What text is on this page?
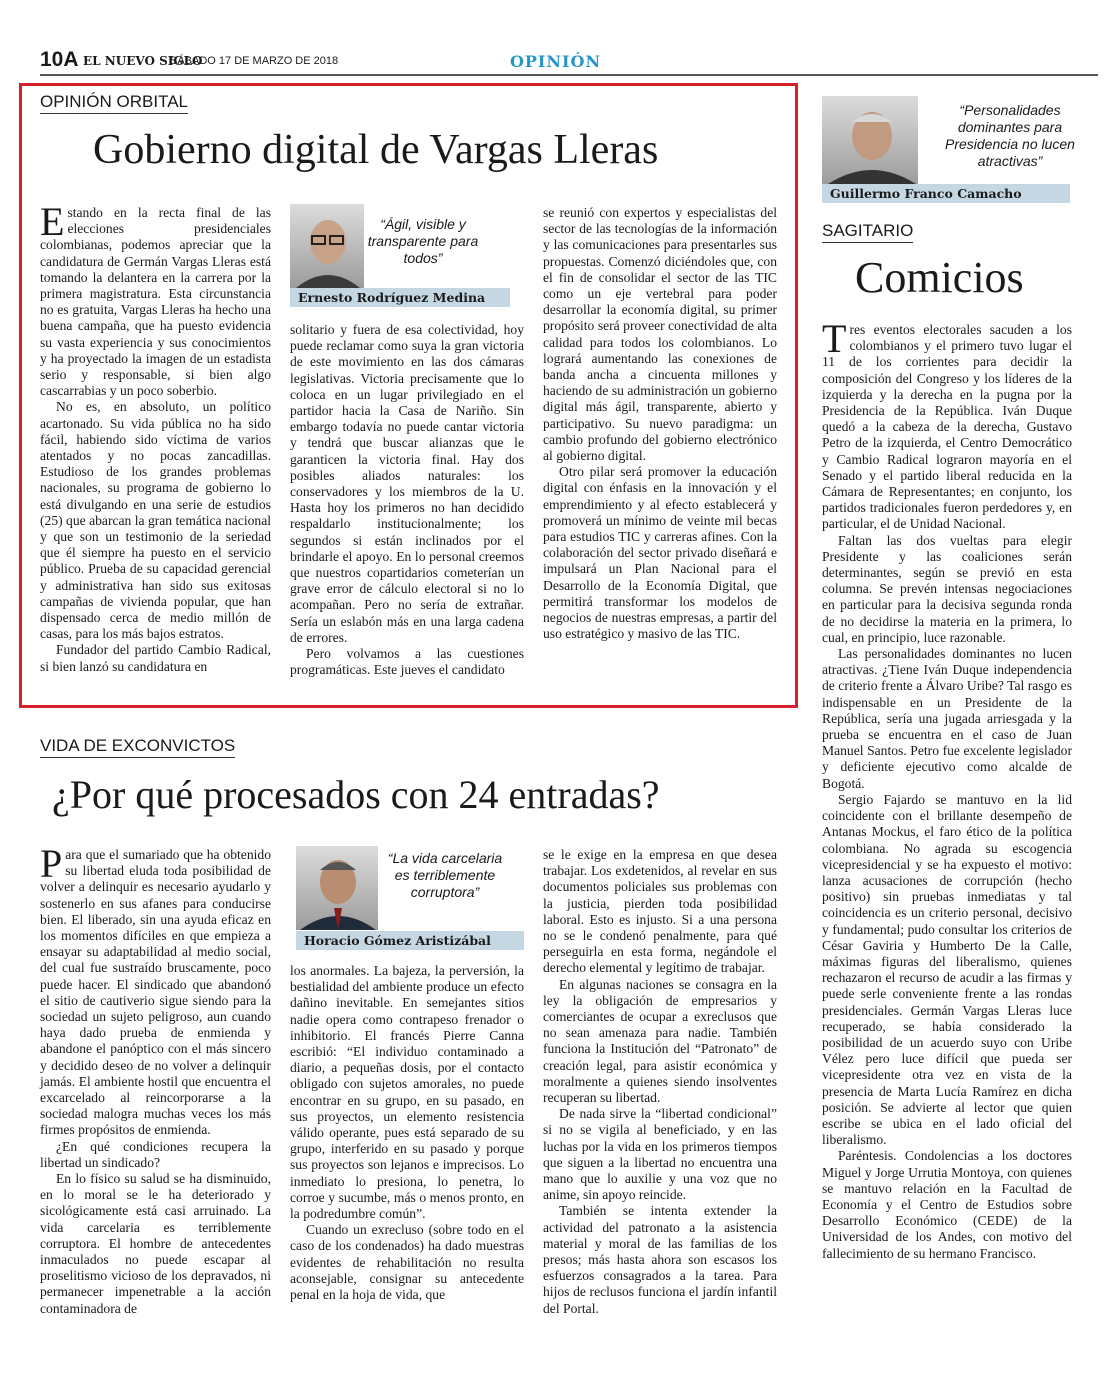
10A EL NUEVO SIGLO
SÁBADO 17 DE MARZO DE 2018	OPINIÓN
OPINIÓN ORBITAL
Gobierno digital de Vargas Lleras

Estando en la recta final de las elecciones presidenciales colombianas, podemos apreciar que la candidatura de Germán Vargas Lleras está tomando la delantera en la carrera por la primera magistratura. Esta circunstancia no es gratuita, Vargas Lleras ha hecho una buena campaña, que ha puesto evidencia su vasta experiencia y sus conocimientos y ha proyectado la imagen de un estadista serio y responsable, si bien algo cascarrabias y un poco soberbio.

No es, en absoluto, un político acartonado. Su vida pública no ha sido fácil, habiendo sido víctima de varios atentados y no pocas zancadillas. Estudioso de los grandes problemas nacionales, su programa de gobierno lo está divulgando en una serie de estudios (25) que abarcan la gran temática nacional y que son un testimonio de la seriedad que él siempre ha puesto en el servicio público. Prueba de su capacidad gerencial y administrativa han sido sus exitosas campañas de vivienda popular, que han dispensado cerca de medio millón de casas, para los más bajos estratos.

Fundador del partido Cambio Radical, si bien lanzó su candidatura en

“Ágil, visible y transparente para todos”
Ernesto Rodríguez Medina

solitario y fuera de esa colectividad, hoy puede reclamar como suya la gran victoria de este movimiento en las dos cámaras legislativas. Victoria precisamente que lo coloca en un lugar privilegiado en el partidor hacia la Casa de Nariño. Sin embargo todavía no puede cantar victoria y tendrá que buscar alianzas que le garanticen la victoria final. Hay dos posibles aliados naturales: los conservadores y los miembros de la U. Hasta hoy los primeros no han decidido respaldarlo institucionalmente; los segundos si están inclinados por el brindarle el apoyo. En lo personal creemos que nuestros copartidarios cometerían un grave error de cálculo electoral si no lo acompañan. Pero no sería de extrañar. Sería un eslabón más en una larga cadena de errores.

Pero volvamos a las cuestiones programáticas. Este jueves el candidato

se reunió con expertos y especialistas del sector de las tecnologías de la información y las comunicaciones para presentarles sus propuestas. Comenzó diciéndoles que, con el fin de consolidar el sector de las TIC como un eje vertebral para poder desarrollar la economía digital, su primer propósito será proveer conectividad de alta calidad para todos los colombianos. Lo logrará aumentando las conexiones de banda ancha a cincuenta millones y haciendo de su administración un gobierno digital más ágil, transparente, abierto y participativo. Su nuevo paradigma: un cambio profundo del gobierno electrónico al gobierno digital.

Otro pilar será promover la educación digital con énfasis en la innovación y el emprendimiento y al efecto establecerá y promoverá un mínimo de veinte mil becas para estudios TIC y carreras afines. Con la colaboración del sector privado diseñará e impulsará un Plan Nacional para el Desarrollo de la Economía Digital, que permitirá transformar los modelos de negocios de nuestras empresas, a partir del uso estratégico y masivo de las TIC.

VIDA DE EXCONVICTOS
¿Por qué procesados con 24 entradas?

Para que el sumariado que ha obtenido su libertad eluda toda posibilidad de volver a delinquir es necesario ayudarlo y sostenerlo en sus afanes para conducirse bien. El liberado, sin una ayuda eficaz en los momentos difíciles en que empieza a ensayar su adaptabilidad al medio social, del cual fue sustraído bruscamente, poco puede hacer. El sindicado que abandonó el sitio de cautiverio sigue siendo para la sociedad un sujeto peligroso, aun cuando haya dado prueba de enmienda y abandone el panóptico con el más sincero y decidido deseo de no volver a delinquir jamás. El ambiente hostil que encuentra el excarcelado al reincorporarse a la sociedad malogra muchas veces los más firmes propósitos de enmienda.

¿En qué condiciones recupera la libertad un sindicado?

En lo físico su salud se ha disminuido, en lo moral se le ha deteriorado y sicológicamente está casi arruinado. La vida carcelaria es terriblemente corruptora. El hombre de antecedentes inmaculados no puede escapar al proselitismo vicioso de los depravados, ni permanecer impenetrable a la acción contaminadora de

“La vida carcelaria es terriblemente corruptora”
Horacio Gómez Aristizábal

los anormales. La bajeza, la perversión, la bestialidad del ambiente produce un efecto dañino inevitable. En semejantes sitios nadie opera como contrapeso frenador o inhibitorio. El francés Pierre Canna escribió: “El individuo contaminado a diario, a pequeñas dosis, por el contacto obligado con sujetos amorales, no puede encontrar en su grupo, en su pasado, en sus proyectos, un elemento resistencia válido operante, pues está separado de su grupo, interferido en su pasado y porque sus proyectos son lejanos e imprecisos. Lo inmediato lo presiona, lo penetra, lo corroe y sucumbe, más o menos pronto, en la podredumbre común”.

Cuando un exrecluso (sobre todo en el caso de los condenados) ha dado muestras evidentes de rehabilitación no resulta aconsejable, consignar su antecedente penal en la hoja de vida, que

se le exige en la empresa en que desea trabajar. Los exdetenidos, al revelar en sus documentos policiales sus problemas con la justicia, pierden toda posibilidad laboral. Esto es injusto. Si a una persona no se le condenó penalmente, para qué perseguirla en esta forma, negándole el derecho elemental y legítimo de trabajar.

En algunas naciones se consagra en la ley la obligación de empresarios y comerciantes de ocupar a exreclusos que no sean amenaza para nadie. También funciona la Institución del “Patronato” de creación legal, para asistir económica y moralmente a quienes siendo insolventes recuperan su libertad.

De nada sirve la “libertad condicional” si no se vigila al beneficiado, y en las luchas por la vida en los primeros tiempos que siguen a la libertad no encuentra una mano que lo auxilie y una voz que no anime, sin apoyo reincide.

También se intenta extender la actividad del patronato a la asistencia material y moral de las familias de los presos; más hasta ahora son escasos los esfuerzos consagrados a la tarea. Para hijos de reclusos funciona el jardín infantil del Portal.

“Personalidades dominantes para Presidencia no lucen atractivas”
Guillermo Franco Camacho
SAGITARIO
Comicios

Tres eventos electorales sacuden a los colombianos y el primero tuvo lugar el 11 de los corrientes para decidir la composición del Congreso y los líderes de la izquierda y la derecha en la pugna por la Presidencia de la República. Iván Duque quedó a la cabeza de la derecha, Gustavo Petro de la izquierda, el Centro Democrático y Cambio Radical lograron mayoría en el Senado y el partido liberal reducida en la Cámara de Representantes; en conjunto, los partidos tradicionales fueron perdedores y, en particular, el de Unidad Nacional.

Faltan las dos vueltas para elegir Presidente y las coaliciones serán determinantes, según se previó en esta columna. Se prevén intensas negociaciones en particular para la decisiva segunda ronda de no decidirse la materia en la primera, lo cual, en principio, luce razonable.

Las personalidades dominantes no lucen atractivas. ¿Tiene Iván Duque independencia de criterio frente a Álvaro Uribe? Tal rasgo es indispensable en un Presidente de la República, sería una jugada arriesgada y la prueba se encuentra en el caso de Juan Manuel Santos. Petro fue excelente legislador y deficiente ejecutivo como alcalde de Bogotá.

Sergio Fajardo se mantuvo en la lid coincidente con el brillante desempeño de Antanas Mockus, el faro ético de la política colombiana. No agrada su escogencia vicepresidencial y se ha expuesto el motivo: lanza acusaciones de corrupción (hecho positivo) sin pruebas inmediatas y tal coincidencia es un criterio personal, decisivo y fundamental; pudo consultar los criterios de César Gaviria y Humberto De la Calle, máximas figuras del liberalismo, quienes rechazaron el recurso de acudir a las firmas y puede serle conveniente frente a las rondas presidenciales. Germán Vargas Lleras luce recuperado, se había considerado la posibilidad de un acuerdo suyo con Uribe Vélez pero luce difícil que pueda ser vicepresidente otra vez en vista de la presencia de Marta Lucía Ramírez en dicha posición. Se advierte al lector que quien escribe se ubica en el lado oficial del liberalismo.

Paréntesis. Condolencias a los doctores Miguel y Jorge Urrutia Montoya, con quienes se mantuvo relación en la Facultad de Economía y el Centro de Estudios sobre Desarrollo Económico (CEDE) de la Universidad de los Andes, con motivo del fallecimiento de su hermano Francisco.
